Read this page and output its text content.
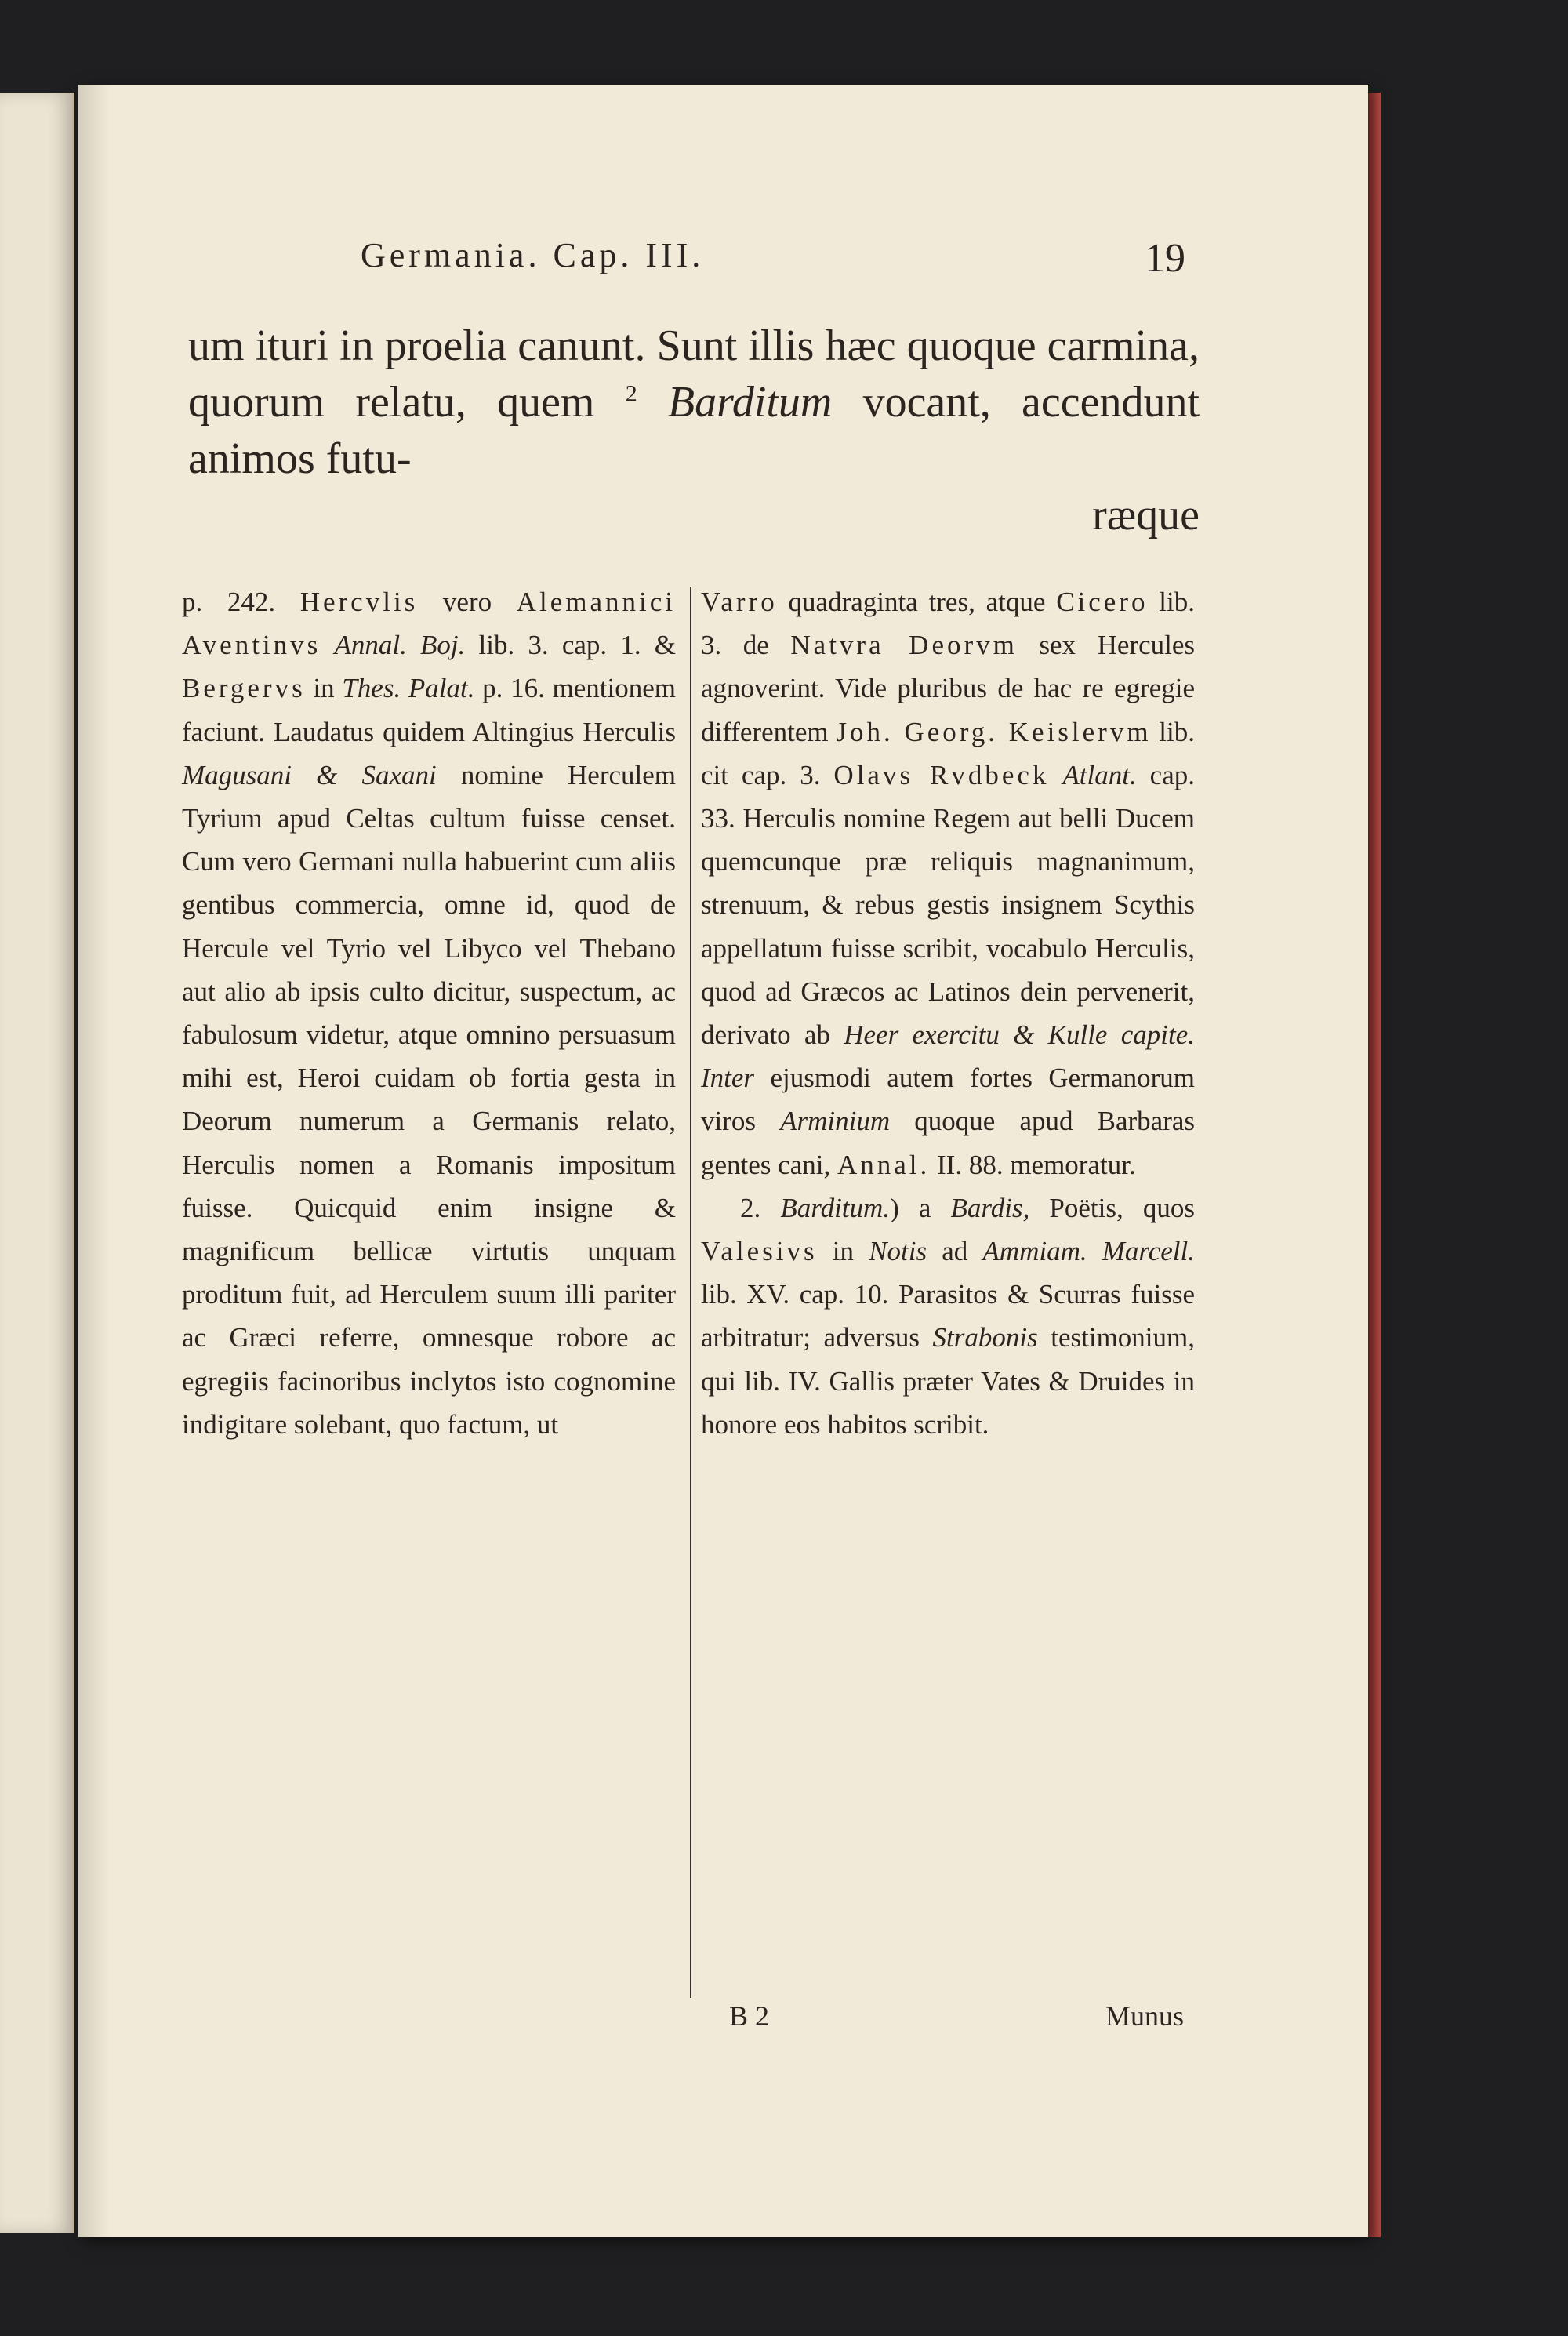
Germania. Cap. III.	19
um ituri in proelia canunt. Sunt illis hæc quoque carmina, quorum relatu, quem $^2$ Barditum vocant, accendunt animos futu-
ræque
p. 242. Hercvlis vero Alemannici Aventinvs Annal. Boj. lib. 3. cap. 1. & Bergervs in Thes. Palat. p. 16. mentionem faciunt. Laudatus quidem Altingius Herculis Magusani & Saxani nomine Herculem Tyrium apud Celtas cultum fuisse censet. Cum vero Germani nulla habuerint cum aliis gentibus commercia, omne id, quod de Hercule vel Tyrio vel Libyco vel Thebano aut alio ab ipsis culto dicitur, suspectum, ac fabulosum videtur, atque omnino persuasum mihi est, Heroi cuidam ob fortia gesta in Deorum numerum a Germanis relato, Herculis nomen a Romanis impositum fuisse. Quicquid enim insigne & magnificum bellicæ virtutis unquam proditum fuit, ad Herculem suum illi pariter ac Græci referre, omnesque robore ac egregiis facinoribus inclytos isto cognomine indigitare solebant, quo factum, ut
Varro quadraginta tres, atque Cicero lib. 3. de Natvra Deorvm sex Hercules agnoverint. Vide pluribus de hac re egregie differentem Joh. Georg. Keislervm lib. cit cap. 3. Olavs Rvdbeck Atlant. cap. 33. Herculis nomine Regem aut belli Ducem quemcunque præ reliquis magnanimum, strenuum, & rebus gestis insignem Scythis appellatum fuisse scribit, vocabulo Herculis, quod ad Græcos ac Latinos dein pervenerit, derivato ab Heer exercitu & Kulle capite. Inter ejusmodi autem fortes Germanorum viros Arminium quoque apud Barbaras gentes cani, Annal. II. 88. memoratur.
2. Barditum.) a Bardis, Poëtis, quos Valesivs in Notis ad Ammiam. Marcell. lib. XV. cap. 10. Parasitos & Scurras fuisse arbitratur; adversus Strabonis testimonium, qui lib. IV. Gallis præter Vates & Druides in honore eos habitos scribit.
B 2	Munus
